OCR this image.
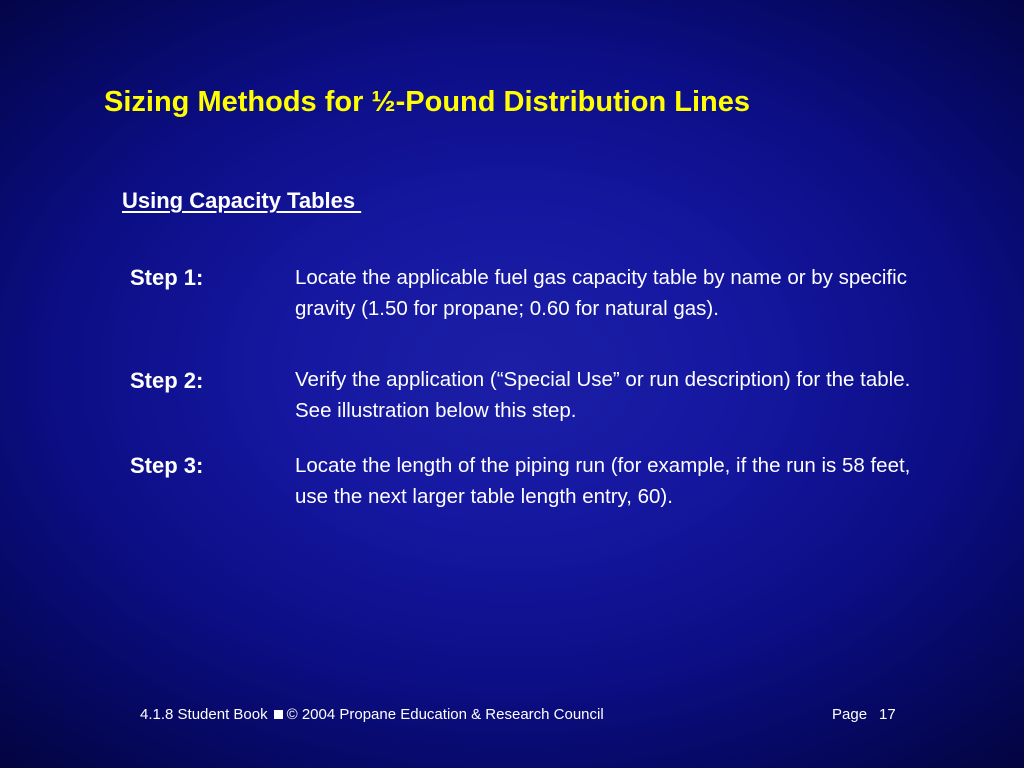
Sizing Methods for ½-Pound Distribution Lines
Using Capacity Tables
Step 1:	Locate the applicable fuel gas capacity table by name or by specific gravity (1.50 for propane; 0.60 for natural gas).
Step 2:	Verify the application (“Special Use” or run description) for the table. See illustration below this step.
Step 3:	Locate the length of the piping run (for example, if the run is 58 feet, use the next larger table length entry, 60).
4.1.8 Student Book © 2004 Propane Education & Research Council	Page 17
